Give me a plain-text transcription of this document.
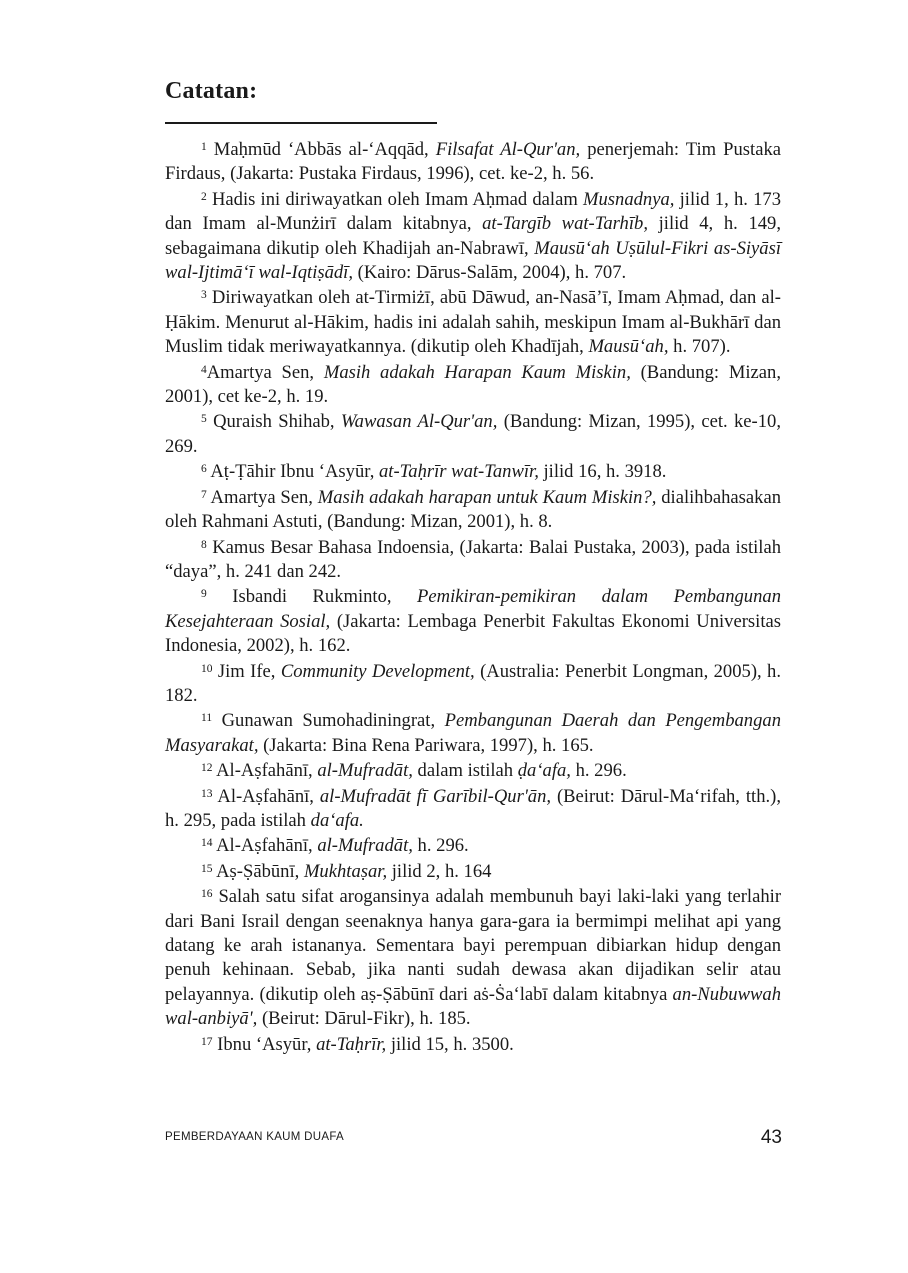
Catatan:

$^1$ Maḥmūd ‘Abbās al-‘Aqqād, Filsafat Al-Qur'an, penerjemah: Tim Pustaka Firdaus, (Jakarta: Pustaka Firdaus, 1996), cet. ke-2, h. 56.

$^2$ Hadis ini diriwayatkan oleh Imam Aḥmad dalam Musnadnya, jilid 1, h. 173 dan Imam al-Munżirī dalam kitabnya, at-Targīb wat-Tarhīb, jilid 4, h. 149, sebagaimana dikutip oleh Khadijah an-Nabrawī, Mausū‘ah Uṣūlul-Fikri as-Siyāsī wal-Ijtimā‘ī wal-Iqtiṣādī, (Kairo: Dārus-Salām, 2004), h. 707.

$^3$ Diriwayatkan oleh at-Tirmiżī, abū Dāwud, an-Nasā’ī, Imam Aḥmad, dan al-Ḥākim. Menurut al-Hākim, hadis ini adalah sahih, meskipun Imam al-Bukhārī dan Muslim tidak meriwayatkannya. (dikutip oleh Khadījah, Mausū‘ah, h. 707).

$^4$Amartya Sen, Masih adakah Harapan Kaum Miskin, (Bandung: Mizan, 2001), cet ke-2, h. 19.

$^5$ Quraish Shihab, Wawasan Al-Qur'an, (Bandung: Mizan, 1995), cet. ke-10, 269.

$^6$ Aṭ-Ṭāhir Ibnu ‘Asyūr, at-Taḥrīr wat-Tanwīr, jilid 16, h. 3918.

$^7$ Amartya Sen, Masih adakah harapan untuk Kaum Miskin?, dialihbahasakan oleh Rahmani Astuti, (Bandung: Mizan, 2001), h. 8.

$^8$ Kamus Besar Bahasa Indoensia, (Jakarta: Balai Pustaka, 2003), pada istilah “daya”, h. 241 dan 242.

$^9$ Isbandi Rukminto, Pemikiran-pemikiran dalam Pembangunan Kesejahteraan Sosial, (Jakarta: Lembaga Penerbit Fakultas Ekonomi Universitas Indonesia, 2002), h. 162.

$^{10}$ Jim Ife, Community Development, (Australia: Penerbit Longman, 2005), h. 182.

$^{11}$ Gunawan Sumohadiningrat, Pembangunan Daerah dan Pengembangan Masyarakat, (Jakarta: Bina Rena Pariwara, 1997), h. 165.

$^{12}$ Al-Aṣfahānī, al-Mufradāt, dalam istilah ḍa‘afa, h. 296.

$^{13}$ Al-Aṣfahānī, al-Mufradāt fī Garībil-Qur'ān, (Beirut: Dārul-Ma‘rifah, tth.), h. 295, pada istilah da‘afa.

$^{14}$ Al-Aṣfahānī, al-Mufradāt, h. 296.

$^{15}$ Aṣ-Ṣābūnī, Mukhtaṣar, jilid 2, h. 164

$^{16}$ Salah satu sifat arogansinya adalah membunuh bayi laki-laki yang terlahir dari Bani Israil dengan seenaknya hanya gara-gara ia bermimpi melihat api yang datang ke arah istananya. Sementara bayi perempuan dibiarkan hidup dengan penuh kehinaan. Sebab, jika nanti sudah dewasa akan dijadikan selir atau pelayannya. (dikutip oleh aṣ-Ṣābūnī dari aṡ-Ṡa‘labī dalam kitabnya an-Nubuwwah wal-anbiyā', (Beirut: Dārul-Fikr), h. 185.

$^{17}$ Ibnu ‘Asyūr, at-Taḥrīr, jilid 15, h. 3500.

PEMBERDAYAAN KAUM DUAFA	43
